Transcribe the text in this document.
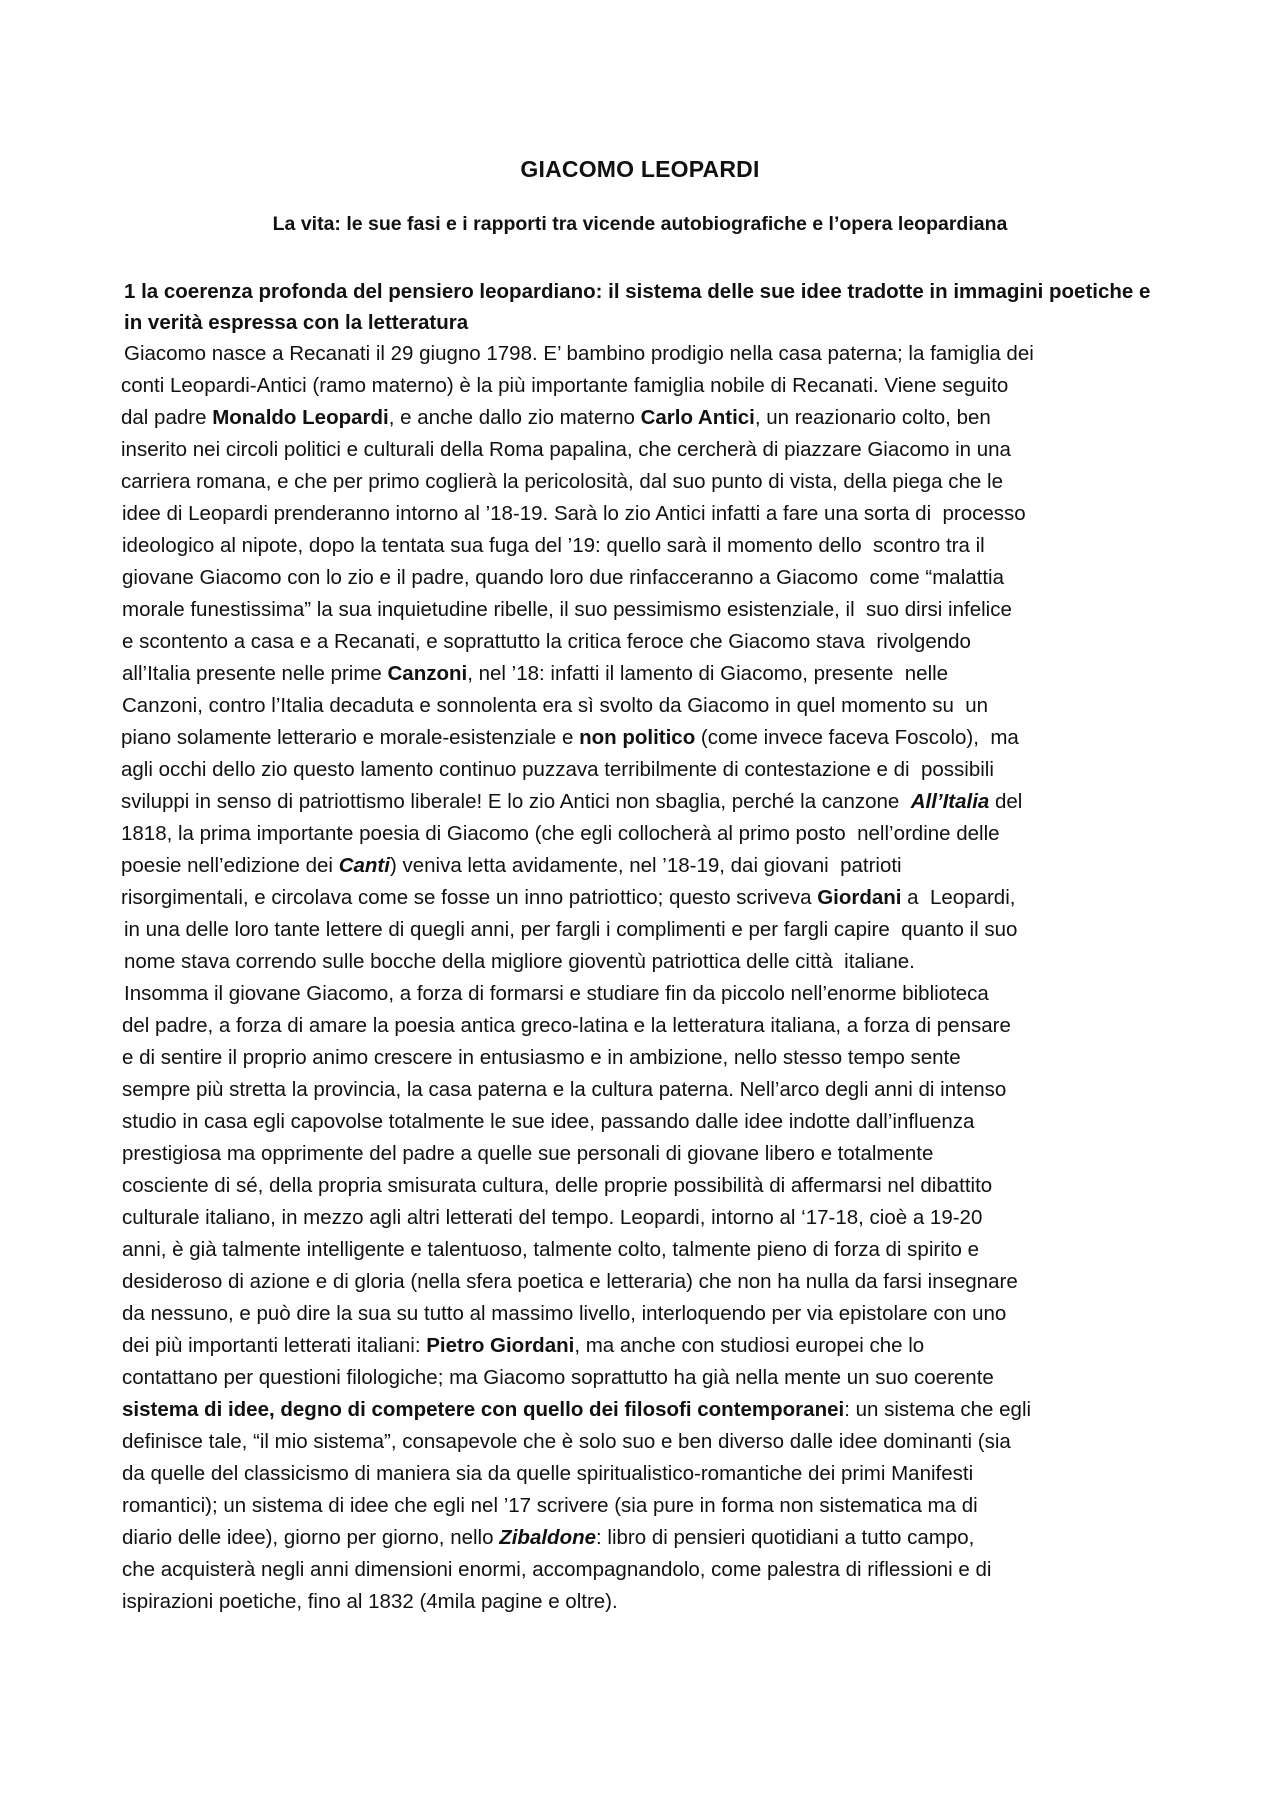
GIACOMO LEOPARDI
La vita: le sue fasi e i rapporti tra vicende autobiografiche e l’opera leopardiana
1 la coerenza profonda del pensiero leopardiano: il sistema delle sue idee tradotte in immagini poetiche e in verità espressa con la letteratura
Giacomo nasce a Recanati il 29 giugno 1798. E’ bambino prodigio nella casa paterna; la famiglia dei
conti Leopardi-Antici (ramo materno) è la più importante famiglia nobile di Recanati. Viene seguito
dal padre Monaldo Leopardi, e anche dallo zio materno Carlo Antici, un reazionario colto, ben
inserito nei circoli politici e culturali della Roma papalina, che cercherà di piazzare Giacomo in una
carriera romana, e che per primo coglierà la pericolosità, dal suo punto di vista, della piega che le
idee di Leopardi prenderanno intorno al ’18-19. Sarà lo zio Antici infatti a fare una sorta di  processo
ideologico al nipote, dopo la tentata sua fuga del ’19: quello sarà il momento dello  scontro tra il
giovane Giacomo con lo zio e il padre, quando loro due rinfacceranno a Giacomo  come “malattia
morale funestissima” la sua inquietudine ribelle, il suo pessimismo esistenziale, il  suo dirsi infelice
e scontento a casa e a Recanati, e soprattutto la critica feroce che Giacomo stava  rivolgendo
all’Italia presente nelle prime Canzoni, nel ’18: infatti il lamento di Giacomo, presente  nelle
Canzoni, contro l’Italia decaduta e sonnolenta era sì svolto da Giacomo in quel momento su  un
piano solamente letterario e morale-esistenziale e non politico (come invece faceva Foscolo),  ma
agli occhi dello zio questo lamento continuo puzzava terribilmente di contestazione e di  possibili
sviluppi in senso di patriottismo liberale! E lo zio Antici non sbaglia, perché la canzone  All’Italia del
1818, la prima importante poesia di Giacomo (che egli collocherà al primo posto  nell’ordine delle
poesie nell’edizione dei Canti) veniva letta avidamente, nel ’18-19, dai giovani  patrioti
risorgimentali, e circolava come se fosse un inno patriottico; questo scriveva Giordani a  Leopardi,
in una delle loro tante lettere di quegli anni, per fargli i complimenti e per fargli capire  quanto il suo
nome stava correndo sulle bocche della migliore gioventù patriottica delle città  italiane.
Insomma il giovane Giacomo, a forza di formarsi e studiare fin da piccolo nell’enorme biblioteca
del padre, a forza di amare la poesia antica greco-latina e la letteratura italiana, a forza di pensare
e di sentire il proprio animo crescere in entusiasmo e in ambizione, nello stesso tempo sente
sempre più stretta la provincia, la casa paterna e la cultura paterna. Nell’arco degli anni di intenso
studio in casa egli capovolse totalmente le sue idee, passando dalle idee indotte dall’influenza
prestigiosa ma opprimente del padre a quelle sue personali di giovane libero e totalmente
cosciente di sé, della propria smisurata cultura, delle proprie possibilità di affermarsi nel dibattito
culturale italiano, in mezzo agli altri letterati del tempo. Leopardi, intorno al ‘17-18, cioè a 19-20
anni, è già talmente intelligente e talentuoso, talmente colto, talmente pieno di forza di spirito e
desideroso di azione e di gloria (nella sfera poetica e letteraria) che non ha nulla da farsi insegnare
da nessuno, e può dire la sua su tutto al massimo livello, interloquendo per via epistolare con uno
dei più importanti letterati italiani: Pietro Giordani, ma anche con studiosi europei che lo
contattano per questioni filologiche; ma Giacomo soprattutto ha già nella mente un suo coerente
sistema di idee, degno di competere con quello dei filosofi contemporanei: un sistema che egli
definisce tale, “il mio sistema”, consapevole che è solo suo e ben diverso dalle idee dominanti (sia
da quelle del classicismo di maniera sia da quelle spiritualistico-romantiche dei primi Manifesti
romantici); un sistema di idee che egli nel ’17 scrivere (sia pure in forma non sistematica ma di
diario delle idee), giorno per giorno, nello Zibaldone: libro di pensieri quotidiani a tutto campo,
che acquisterà negli anni dimensioni enormi, accompagnandolo, come palestra di riflessioni e di
ispirazioni poetiche, fino al 1832 (4mila pagine e oltre).
